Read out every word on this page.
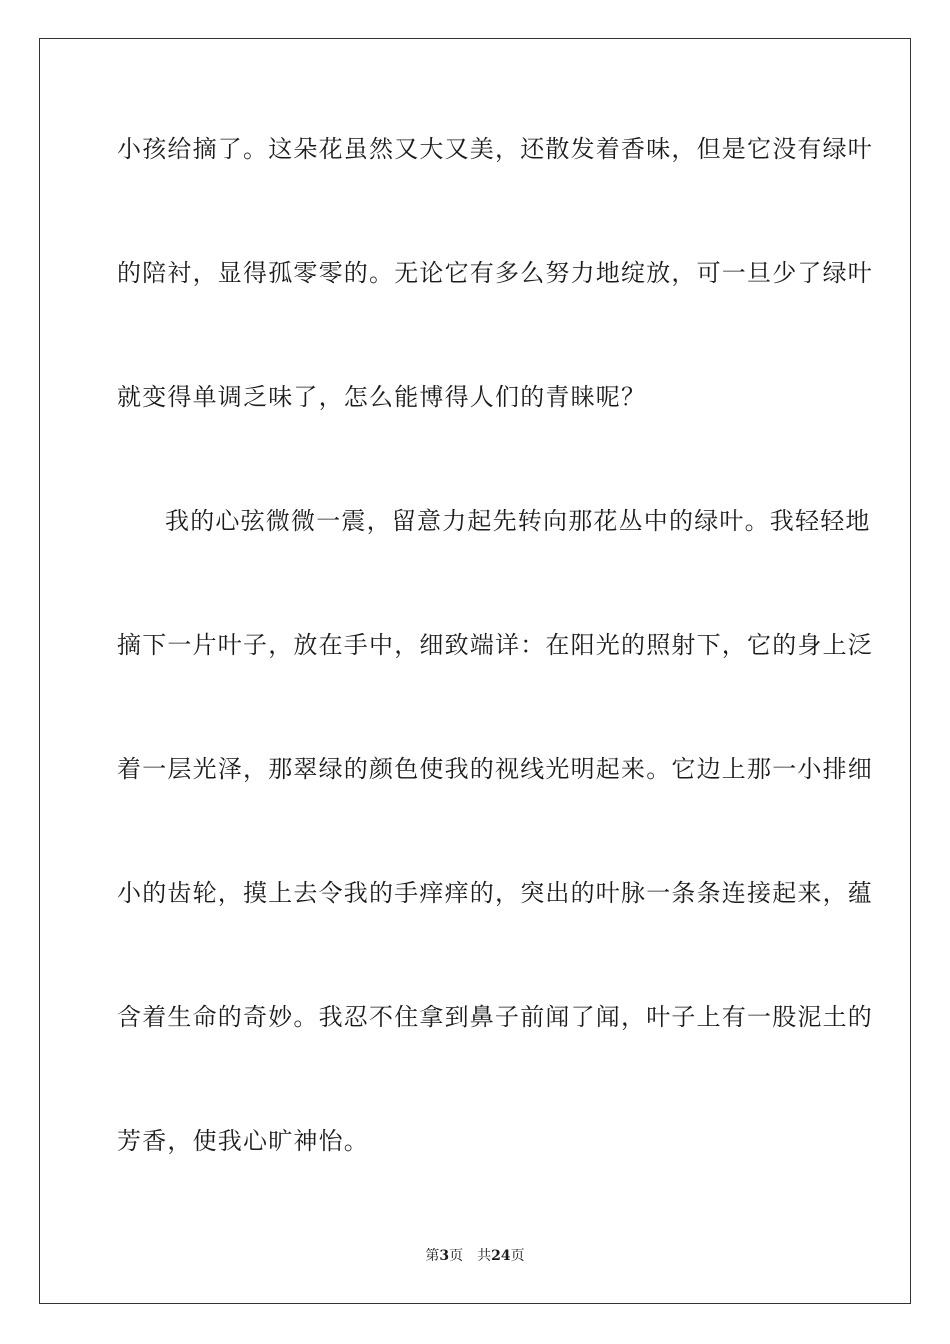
小孩给摘了。这朵花虽然又大又美，还散发着香味，但是它没有绿叶
的陪衬，显得孤零零的。无论它有多么努力地绽放，可一旦少了绿叶
就变得单调乏味了，怎么能博得人们的青睐呢？
我的心弦微微一震，留意力起先转向那花丛中的绿叶。我轻轻地
摘下一片叶子，放在手中，细致端详：在阳光的照射下，它的身上泛
着一层光泽，那翠绿的颜色使我的视线光明起来。它边上那一小排细
小的齿轮，摸上去令我的手痒痒的，突出的叶脉一条条连接起来，蕴
含着生命的奇妙。我忍不住拿到鼻子前闻了闻，叶子上有一股泥土的
芳香，使我心旷神怡。
第3页 共24页
